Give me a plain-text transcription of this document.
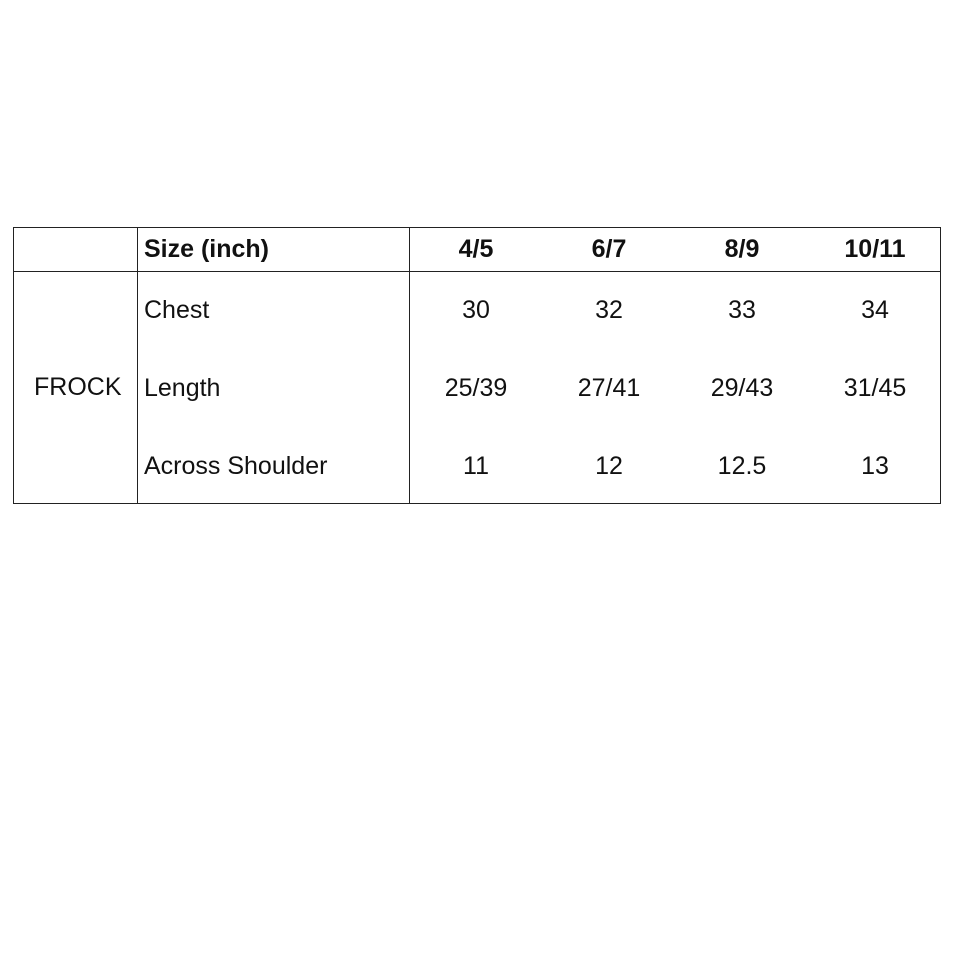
Size (inch)	4/5	6/7	8/9	10/11
FROCK
Chest	30	32	33	34
Length	25/39	27/41	29/43	31/45
Across Shoulder	11	12	12.5	13
